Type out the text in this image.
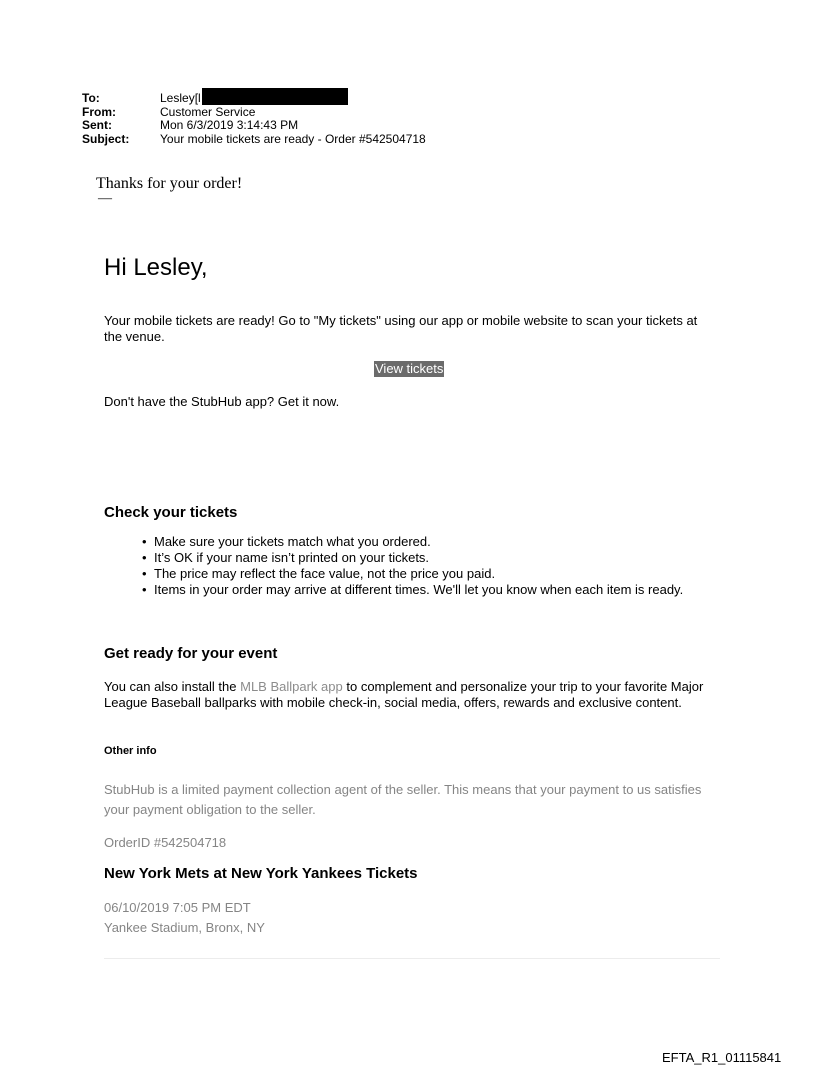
To:	Lesley[l
From:	Customer Service
Sent:	Mon 6/3/2019 3:14:43 PM
Subject:	Your mobile tickets are ready - Order #542504718
Thanks for your order!
—
Hi Lesley,
Your mobile tickets are ready! Go to "My tickets" using our app or mobile website to scan your tickets at the venue.
View tickets
Don't have the StubHub app? Get it now.
Check your tickets
• Make sure your tickets match what you ordered.
• It’s OK if your name isn’t printed on your tickets.
• The price may reflect the face value, not the price you paid.
• Items in your order may arrive at different times. We'll let you know when each item is ready.
Get ready for your event
You can also install the MLB Ballpark app to complement and personalize your trip to your favorite Major League Baseball ballparks with mobile check-in, social media, offers, rewards and exclusive content.
Other info
StubHub is a limited payment collection agent of the seller. This means that your payment to us satisfies your payment obligation to the seller.
OrderID #542504718
New York Mets at New York Yankees Tickets
06/10/2019 7:05 PM EDT
Yankee Stadium, Bronx, NY
EFTA_R1_01115841
